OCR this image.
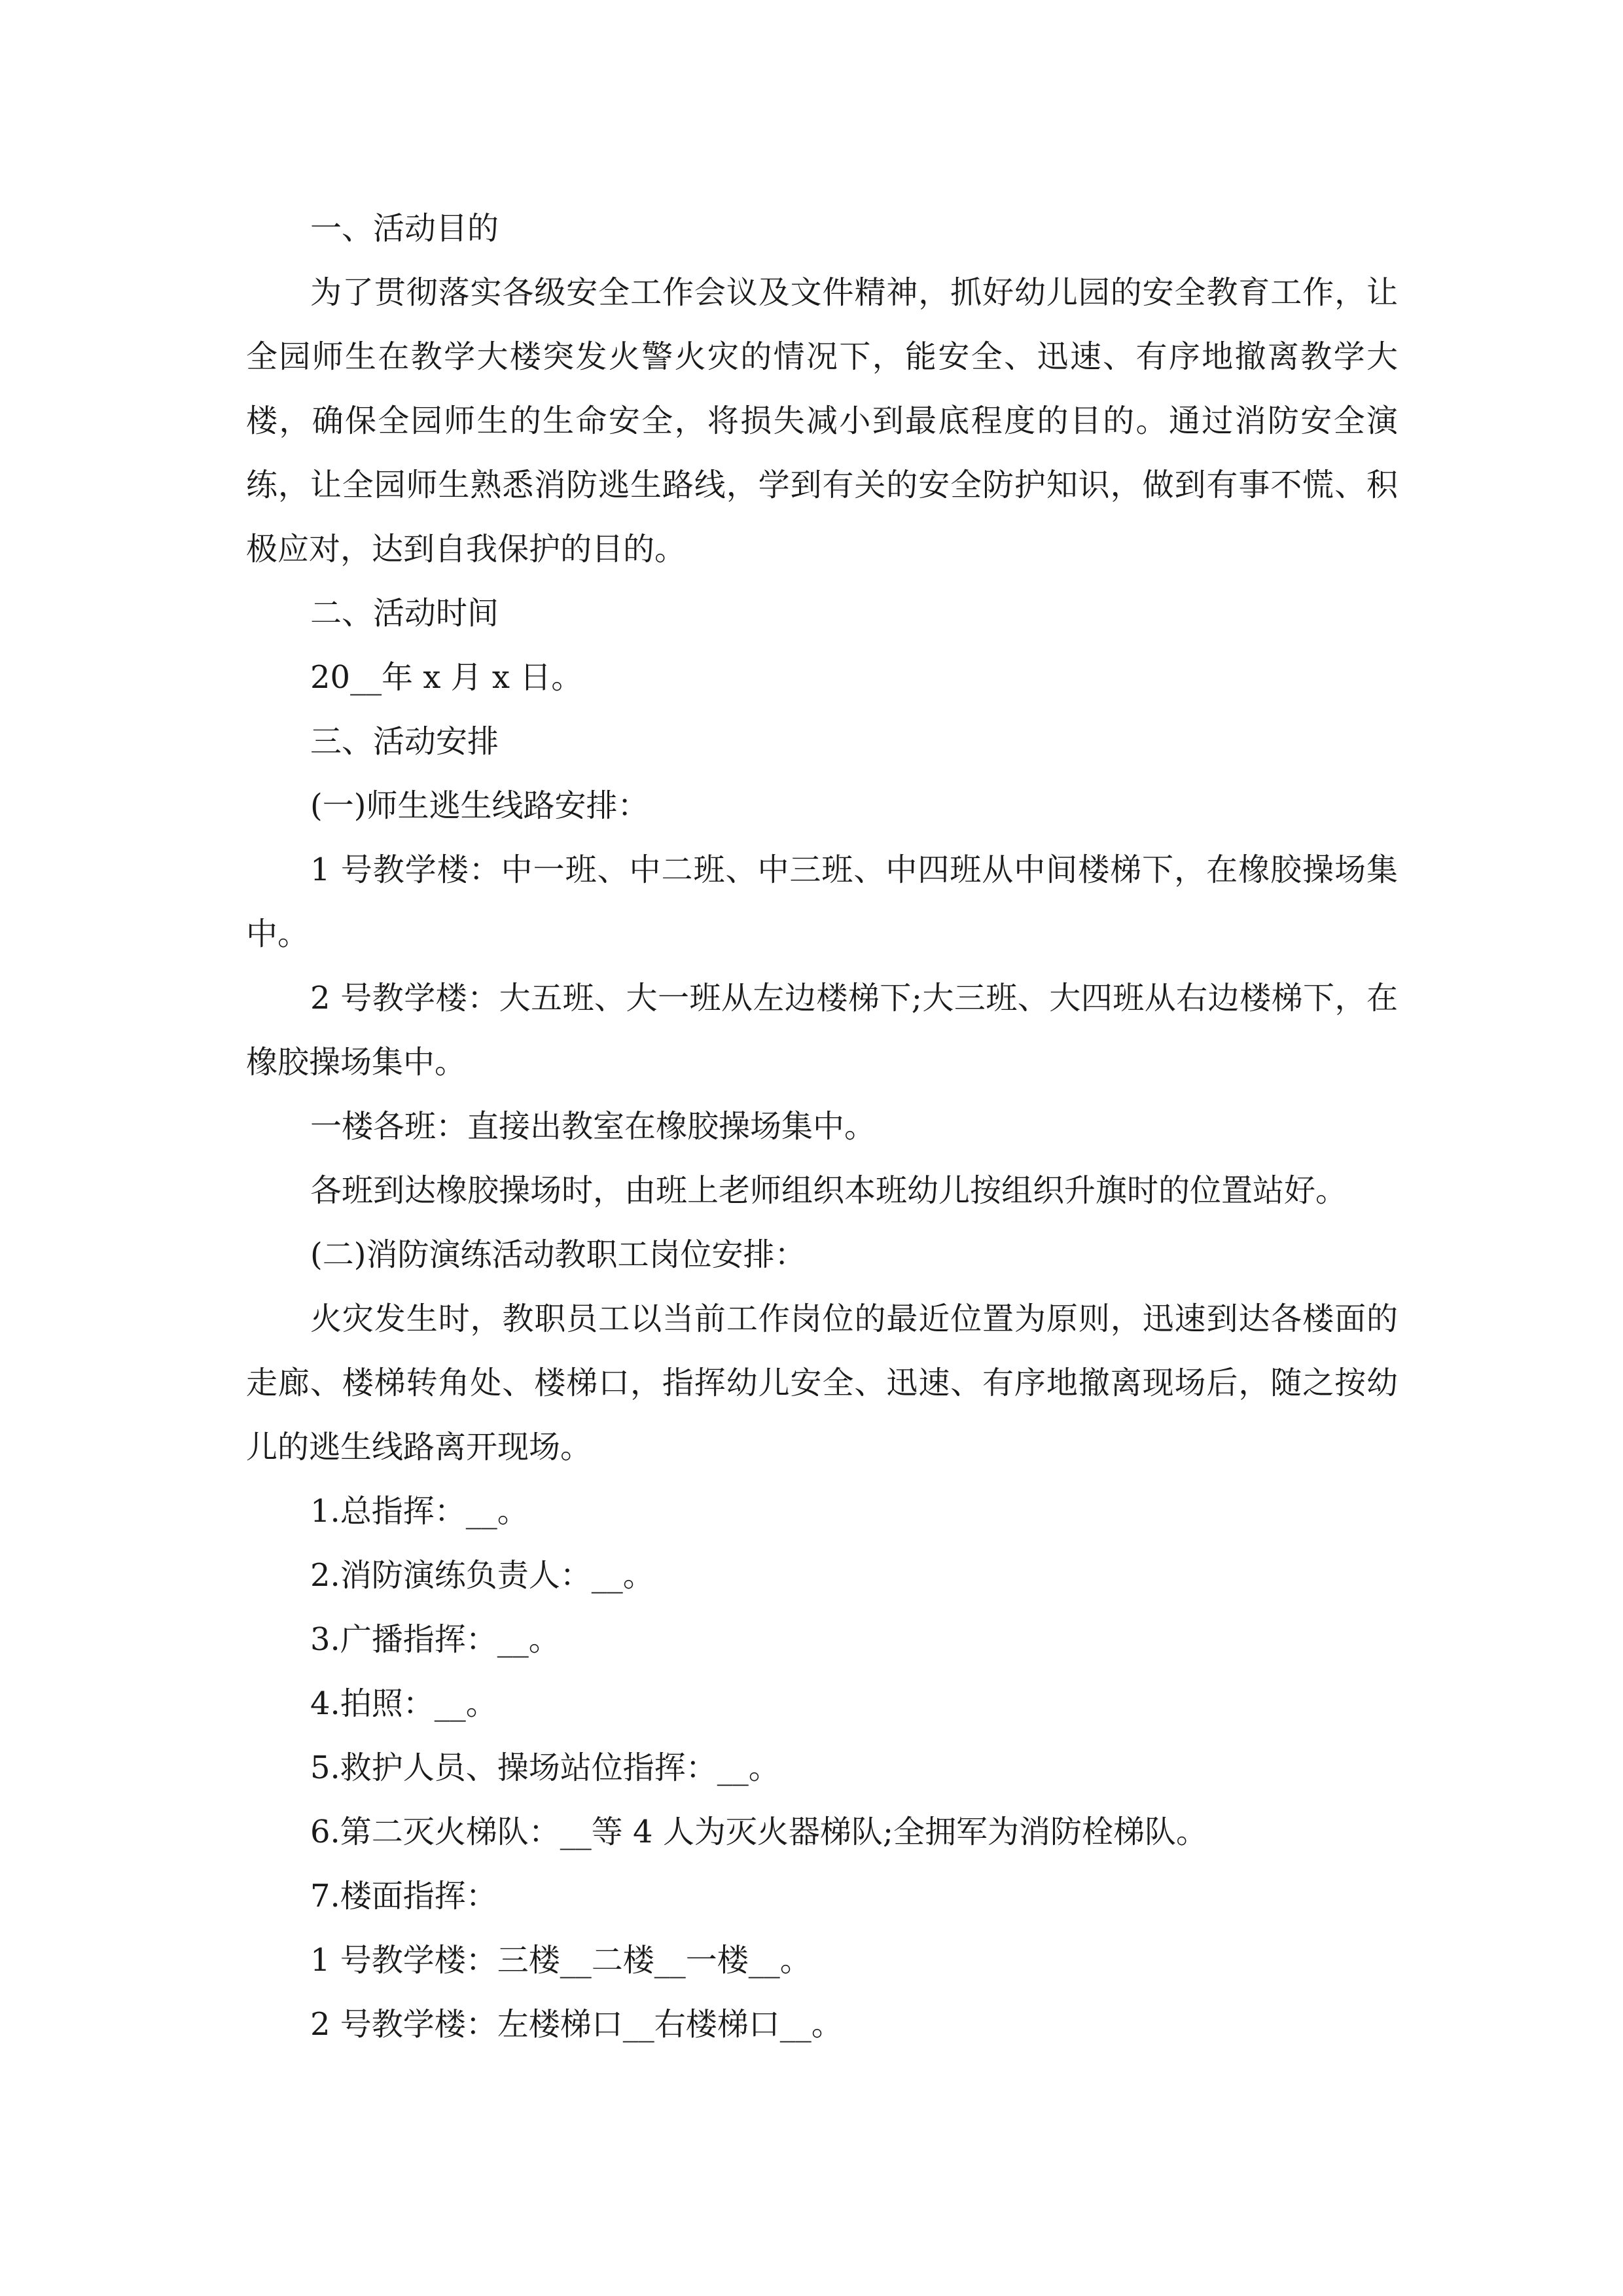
一、活动目的

为了贯彻落实各级安全工作会议及文件精神，抓好幼儿园的安全教育工作，让全园师生在教学大楼突发火警火灾的情况下，能安全、迅速、有序地撤离教学大楼，确保全园师生的生命安全，将损失减小到最底程度的目的。通过消防安全演练，让全园师生熟悉消防逃生路线，学到有关的安全防护知识，做到有事不慌、积极应对，达到自我保护的目的。

二、活动时间

20__年 x 月 x 日。

三、活动安排

(一)师生逃生线路安排：

1 号教学楼：中一班、中二班、中三班、中四班从中间楼梯下，在橡胶操场集中。

2 号教学楼：大五班、大一班从左边楼梯下;大三班、大四班从右边楼梯下，在橡胶操场集中。

一楼各班：直接出教室在橡胶操场集中。

各班到达橡胶操场时，由班上老师组织本班幼儿按组织升旗时的位置站好。

(二)消防演练活动教职工岗位安排：

火灾发生时，教职员工以当前工作岗位的最近位置为原则，迅速到达各楼面的走廊、楼梯转角处、楼梯口，指挥幼儿安全、迅速、有序地撤离现场后，随之按幼儿的逃生线路离开现场。

1.总指挥：__。

2.消防演练负责人：__。

3.广播指挥：__。

4.拍照：__。

5.救护人员、操场站位指挥：__。

6.第二灭火梯队：__等 4 人为灭火器梯队;全拥军为消防栓梯队。

7.楼面指挥：

1 号教学楼：三楼__二楼__一楼__。

2 号教学楼：左楼梯口__右楼梯口__。
